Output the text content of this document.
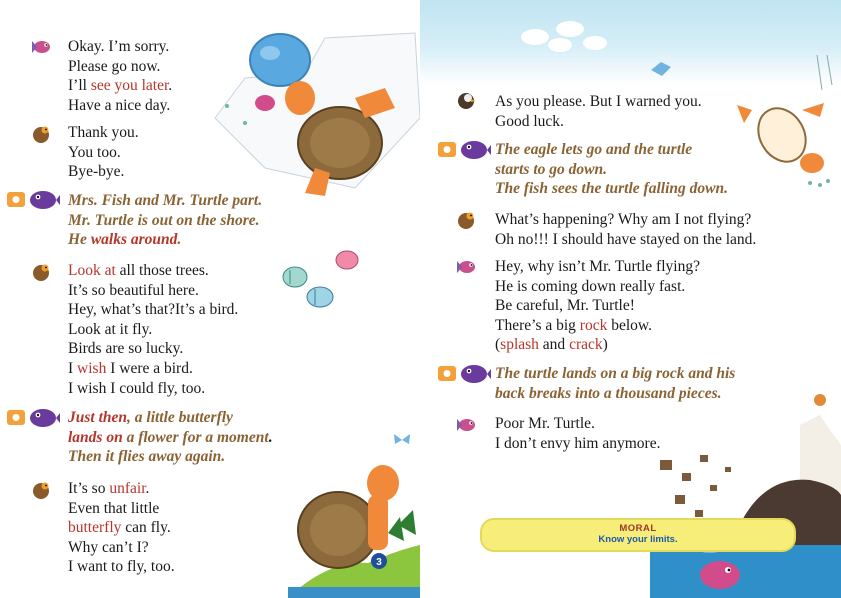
Okay. I’m sorry.
Please go now.
I’ll see you later.
Have a nice day.
Thank you.
You too.
Bye-bye.
Mrs. Fish and Mr. Turtle part.
Mr. Turtle is out on the shore.
He walks around.
Look at all those trees.
It’s so beautiful here.
Hey, what’s that?It’s a bird.
Look at it fly.
Birds are so lucky.
I wish I were a bird.
I wish I could fly, too.
Just then, a little butterfly
lands on a flower for a moment.
Then it flies away again.
It’s so unfair.
Even that little
butterfly can fly.
Why can’t I?
I want to fly, too.	3
As you please. But I warned you.
Good luck.
The eagle lets go and the turtle
starts to go down.
The fish sees the turtle falling down.
What’s happening? Why am I not flying?
Oh no!!! I should have stayed on the land.
Hey, why isn’t Mr. Turtle flying?
He is coming down really fast.
Be careful, Mr. Turtle!
There’s a big rock below.
(splash and crack)
The turtle lands on a big rock and his
back breaks into a thousand pieces.
Poor Mr. Turtle.
I don’t envy him anymore.
MORAL
Know your limits.
